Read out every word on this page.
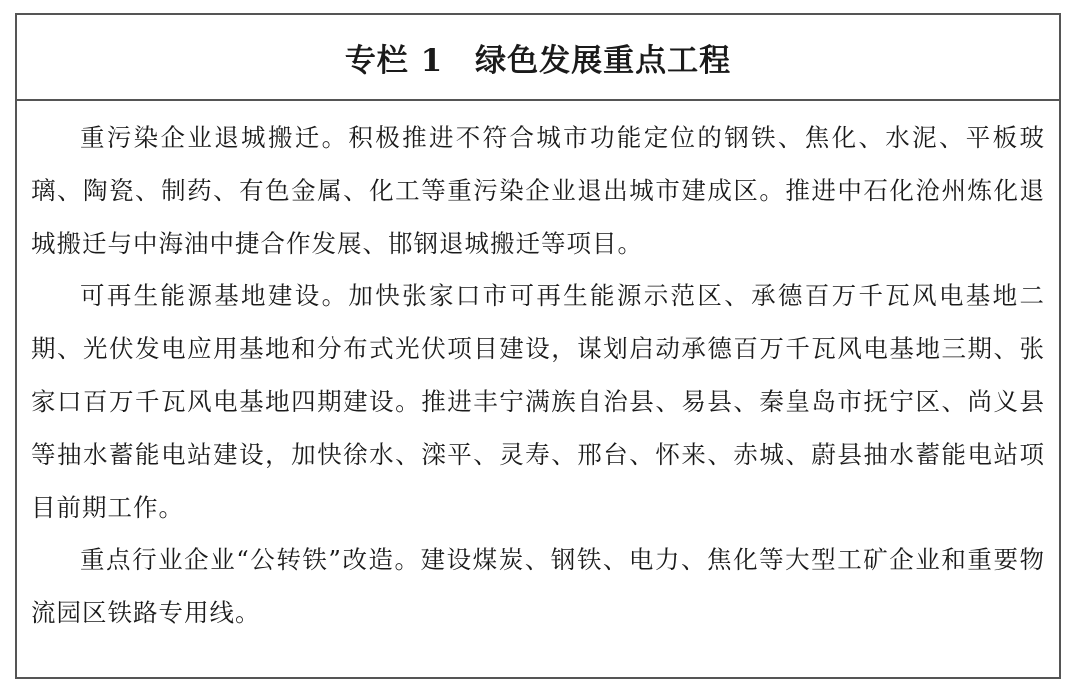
专栏 1　绿色发展重点工程

重污染企业退城搬迁。积极推进不符合城市功能定位的钢铁、焦化、水泥、平板玻璃、陶瓷、制药、有色金属、化工等重污染企业退出城市建成区。推进中石化沧州炼化退城搬迁与中海油中捷合作发展、邯钢退城搬迁等项目。

可再生能源基地建设。加快张家口市可再生能源示范区、承德百万千瓦风电基地二期、光伏发电应用基地和分布式光伏项目建设，谋划启动承德百万千瓦风电基地三期、张家口百万千瓦风电基地四期建设。推进丰宁满族自治县、易县、秦皇岛市抚宁区、尚义县等抽水蓄能电站建设，加快徐水、滦平、灵寿、邢台、怀来、赤城、蔚县抽水蓄能电站项目前期工作。

重点行业企业“公转铁”改造。建设煤炭、钢铁、电力、焦化等大型工矿企业和重要物流园区铁路专用线。
